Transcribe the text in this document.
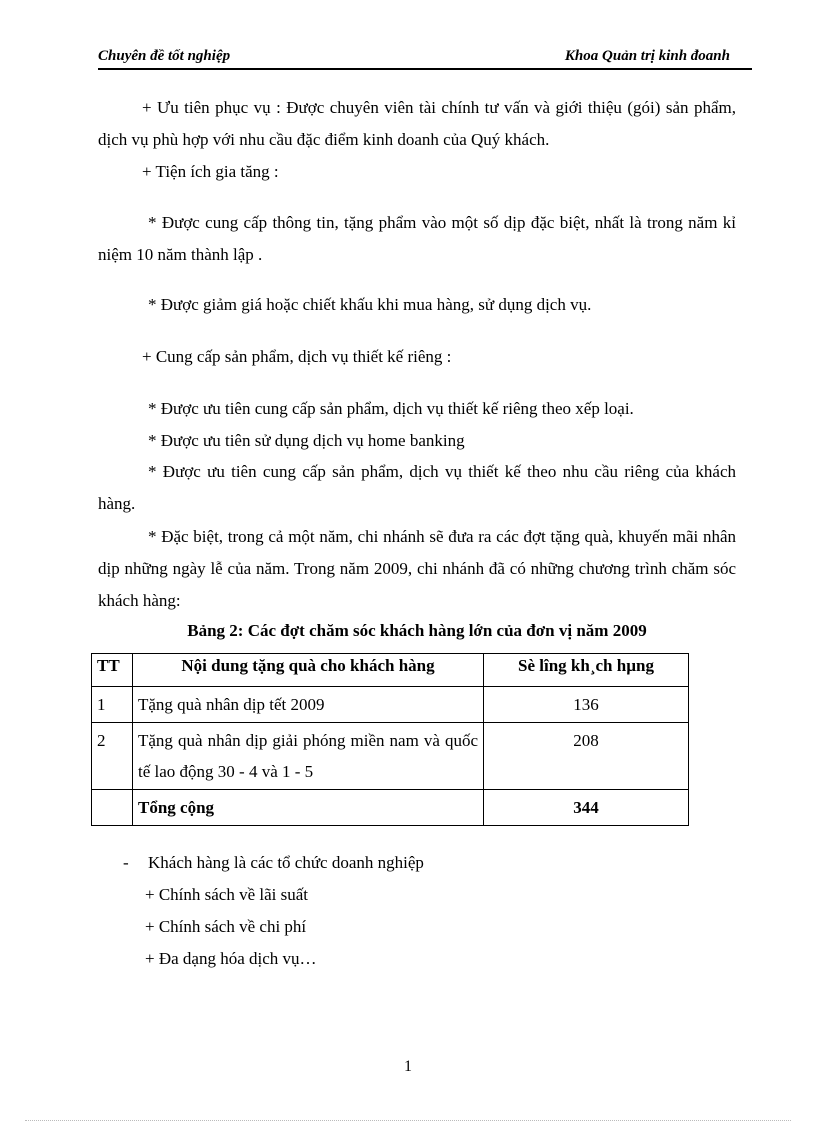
Chuyên đề tốt nghiệp	Khoa Quản trị kinh đoanh
+ Ưu tiên phục vụ : Được chuyên viên tài chính tư vấn và giới thiệu (gói) sản phẩm, dịch vụ phù hợp với nhu cầu đặc điểm kinh doanh của Quý khách.
+ Tiện ích gia tăng :
* Được cung cấp thông tin, tặng phẩm vào một số dịp đặc biệt, nhất là trong năm kỉ niệm 10 năm thành lập .
* Được giảm giá hoặc chiết khấu khi mua hàng, sử dụng dịch vụ.
+ Cung cấp sản phẩm, dịch vụ thiết kế riêng :
* Được ưu tiên cung cấp sản phẩm, dịch vụ thiết kế riêng theo xếp loại.
* Được ưu tiên sử dụng dịch vụ home banking
* Được ưu tiên cung cấp sản phẩm, dịch vụ thiết kế theo nhu cầu riêng của khách hàng.
* Đặc biệt, trong cả một năm, chi nhánh sẽ đưa ra các đợt tặng quà, khuyến mãi nhân dịp những ngày lễ của năm. Trong năm 2009, chi nhánh đã có những chương trình chăm sóc khách hàng:
Bảng 2: Các đợt chăm sóc khách hàng lớn của đơn vị năm 2009
TT	Nội dung tặng quà cho khách hàng	Sè lîng kh¸ch hµng
1	Tặng quà nhân dịp tết 2009	136
2	Tặng quà nhân dịp giải phóng miền nam và quốc tế lao động 30 - 4 và 1 - 5	208
	Tổng cộng	344
- Khách hàng là các tổ chức doanh nghiệp
+ Chính sách về lãi suất
+ Chính sách về chi phí
+ Đa dạng hóa dịch vụ…
1
